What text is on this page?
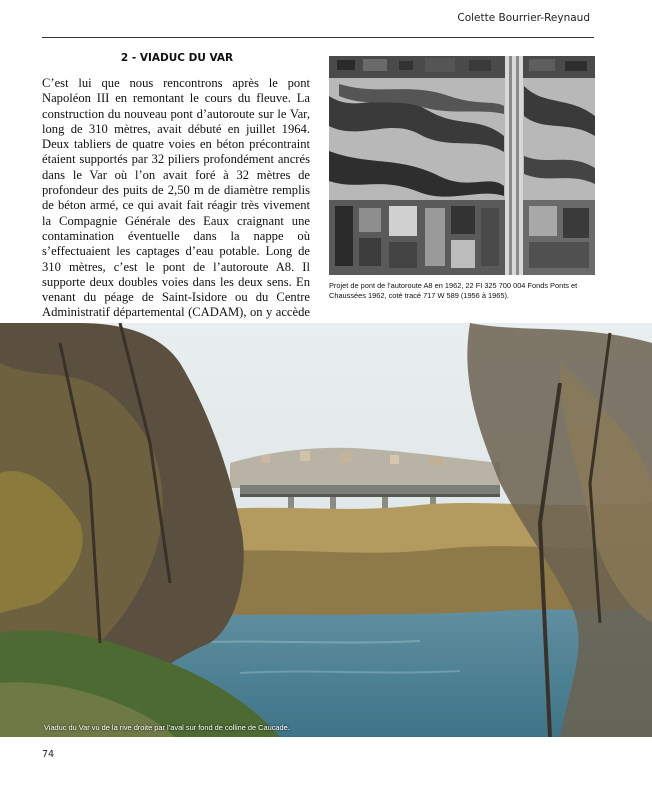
Colette Bourrier-Reynaud
2 - VIADUC DU VAR

C’est lui que nous rencontrons après le pont Napoléon III en remontant le cours du fleuve. La construction du nouveau pont d’autoroute sur le Var, long de 310 mètres, avait débuté en juillet 1964. Deux tabliers de quatre voies en béton précontraint étaient supportés par 32 piliers profondément ancrés dans le Var où l’on avait foré à 32 mètres de profondeur des puits de 2,50 m de diamètre remplis de béton armé, ce qui avait fait réagir très vivement la Compagnie Générale des Eaux craignant une contamination éventuelle dans la nappe où s’effectuaient les captages d’eau potable. Long de 310 mètres, c’est le pont de l’autoroute A8. Il supporte deux doubles voies dans les deux sens. En venant du péage de Saint-Isidore ou du Centre Administratif départemental (CADAM), on y accède

Projet de pont de l’autoroute A8 en 1962, 22 FI 325 700 004 Fonds Ponts et Chaussées 1962, coté tracé 717 W 589 (1956 à 1965).

Viaduc du Var vu de la rive droite par l’aval sur fond de colline de Caucade.

74
